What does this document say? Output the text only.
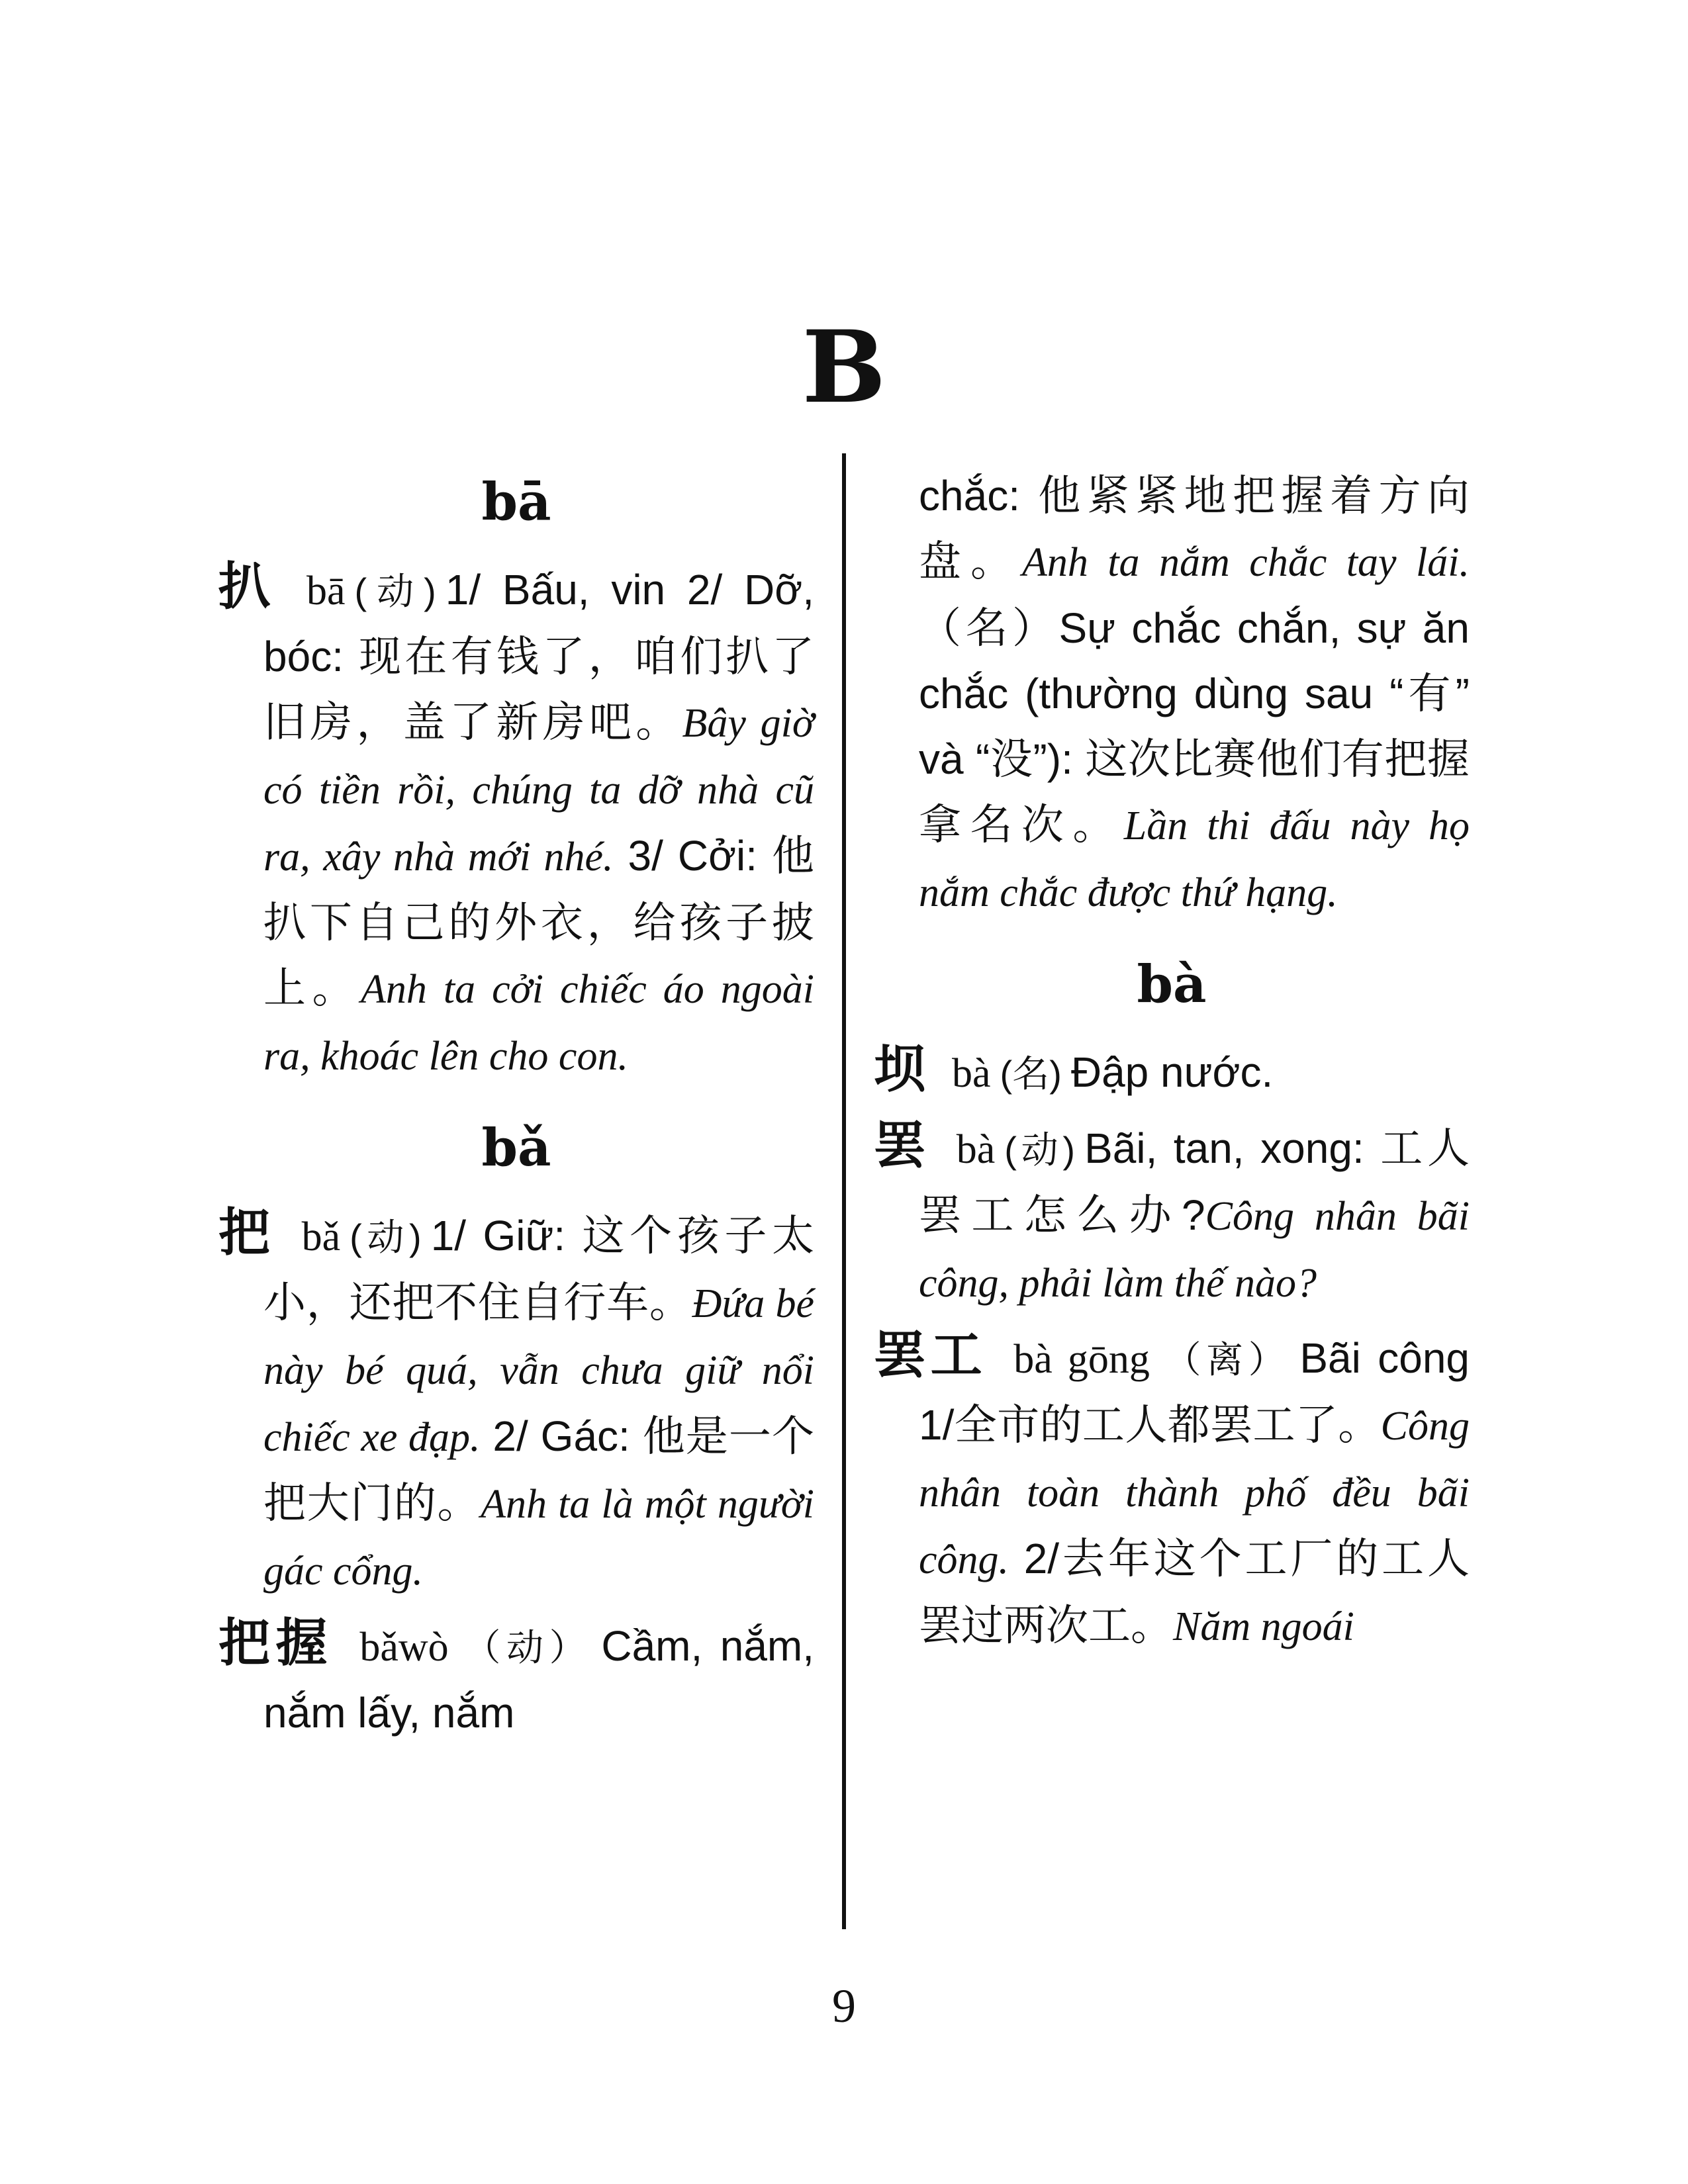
B
bā

扒 bā (动) 1/ Bấu, vin 2/ Dỡ, bóc: 现在有钱了，咱们扒了旧房，盖了新房吧。Bây giờ có tiền rồi, chúng ta dỡ nhà cũ ra, xây nhà mới nhé. 3/ Cởi: 他扒下自己的外衣，给孩子披上。Anh ta cởi chiếc áo ngoài ra, khoác lên cho con.

bǎ

把 bǎ (动) 1/ Giữ: 这个孩子太小，还把不住自行车。Đứa bé này bé quá, vẫn chưa giữ nổi chiếc xe đạp. 2/ Gác: 他是一个把大门的。Anh ta là một người gác cổng.

把握 bǎwò （动） Cầm, nắm, nắm lấy, nắm

chắc: 他紧紧地把握着方向盘。Anh ta nắm chắc tay lái.（名）Sự chắc chắn, sự ăn chắc (thường dùng sau “有” và “没”): 这次比赛他们有把握拿名次。Lần thi đấu này họ nắm chắc được thứ hạng.

bà

坝 bà (名) Đập nước.

罢 bà (动) Bãi, tan, xong: 工人罢工怎么办?Công nhân bãi công, phải làm thế nào?

罢工 bà gōng （离） Bãi công 1/全市的工人都罢工了。Công nhân toàn thành phố đều bãi công. 2/去年这个工厂的工人罢过两次工。Năm ngoái

9
